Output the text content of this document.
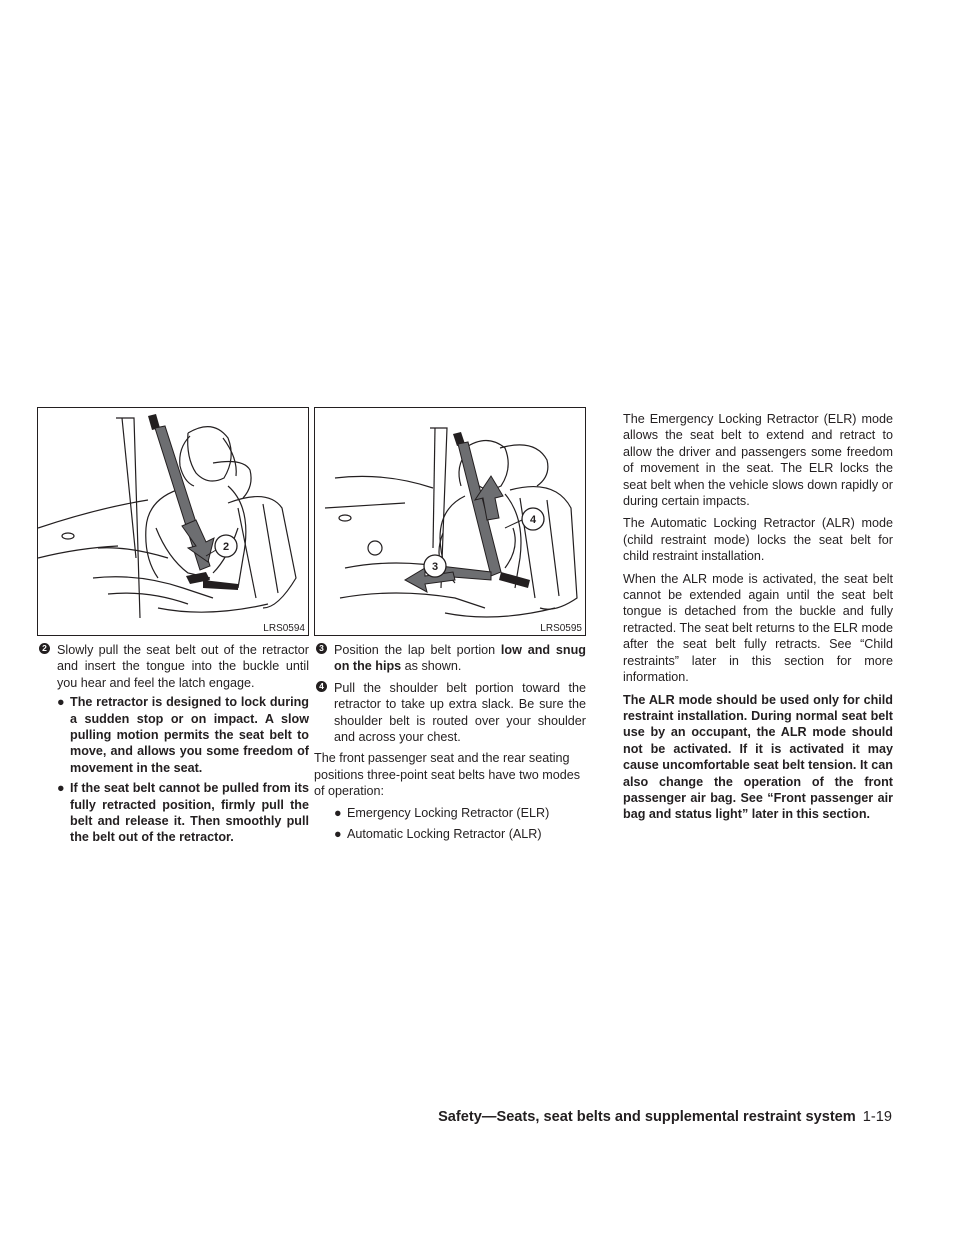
2
LRS0594
2 Slowly pull the seat belt out of the retractor and insert the tongue into the buckle until you hear and feel the latch engage.

● The retractor is designed to lock during a sudden stop or on impact. A slow pulling motion permits the seat belt to move, and allows you some freedom of movement in the seat.

● If the seat belt cannot be pulled from its fully retracted position, firmly pull the belt and release it. Then smoothly pull the belt out of the retractor.

4
3
LRS0595
3 Position the lap belt portion low and snug on the hips as shown.

4 Pull the shoulder belt portion toward the retractor to take up extra slack. Be sure the shoulder belt is routed over your shoulder and across your chest.

The front passenger seat and the rear seating positions three-point seat belts have two modes of operation:

● Emergency Locking Retractor (ELR)

● Automatic Locking Retractor (ALR)

The Emergency Locking Retractor (ELR) mode allows the seat belt to extend and retract to allow the driver and passengers some freedom of movement in the seat. The ELR locks the seat belt when the vehicle slows down rapidly or during certain impacts.

The Automatic Locking Retractor (ALR) mode (child restraint mode) locks the seat belt for child restraint installation.

When the ALR mode is activated, the seat belt cannot be extended again until the seat belt tongue is detached from the buckle and fully retracted. The seat belt returns to the ELR mode after the seat belt fully retracts. See “Child restraints” later in this section for more information.

The ALR mode should be used only for child restraint installation. During normal seat belt use by an occupant, the ALR mode should not be activated. If it is activated it may cause uncomfortable seat belt tension. It can also change the operation of the front passenger air bag. See “Front passenger air bag and status light” later in this section.

Safety—Seats, seat belts and supplemental restraint system 1-19
